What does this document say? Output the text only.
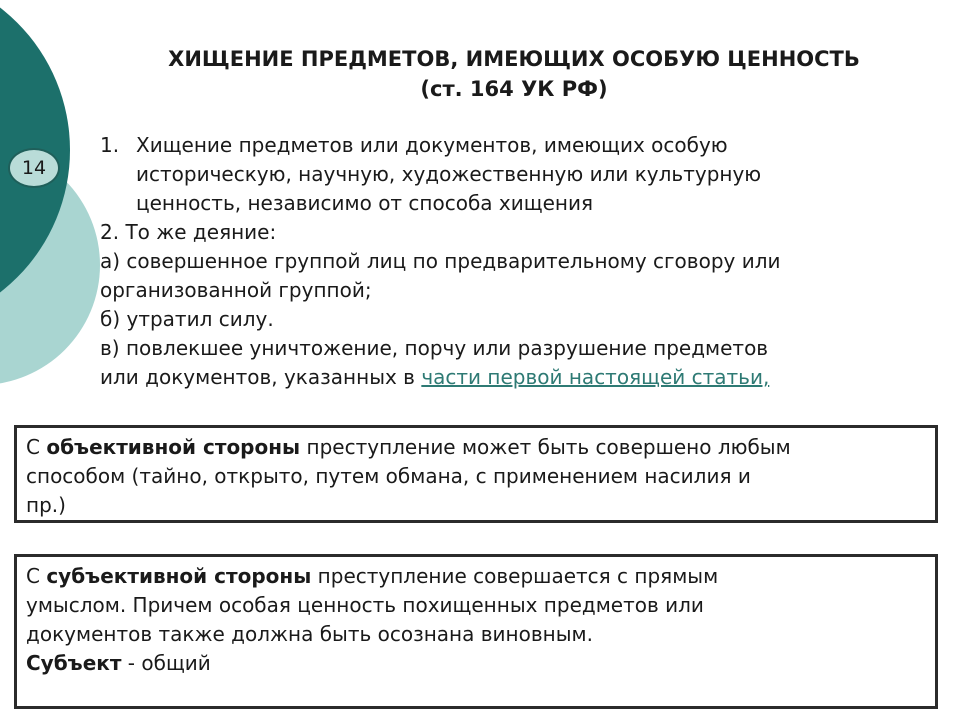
14
ХИЩЕНИЕ ПРЕДМЕТОВ, ИМЕЮЩИХ ОСОБУЮ ЦЕННОСТЬ
(ст. 164 УК РФ)
1. Хищение предметов или документов, имеющих особую
историческую, научную, художественную или культурную
ценность, независимо от способа хищения
2. То же деяние:
а) совершенное группой лиц по предварительному сговору или
организованной группой;
б) утратил силу.
в) повлекшее уничтожение, порчу или разрушение предметов
или документов, указанных в части первой настоящей статьи,
С объективной стороны преступление может быть совершено любым
способом (тайно, открыто, путем обмана, с применением насилия и
пр.)
С субъективной стороны преступление совершается с прямым
умыслом. Причем особая ценность похищенных предметов или
документов также должна быть осознана виновным.
Субъект - общий
